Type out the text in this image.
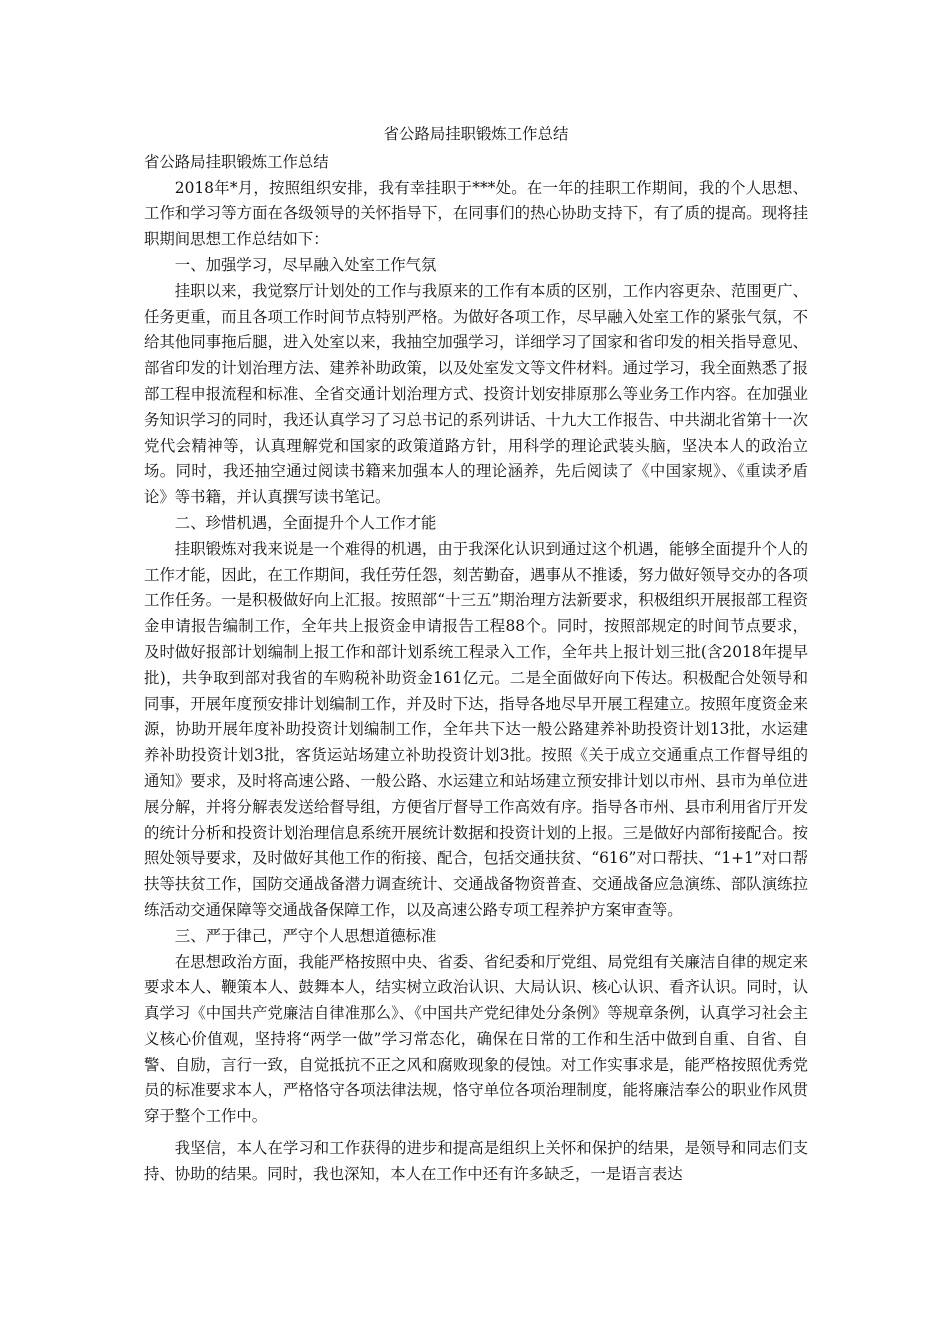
省公路局挂职锻炼工作总结

省公路局挂职锻炼工作总结

2018年*月，按照组织安排，我有幸挂职于***处。在一年的挂职工作期间，我的个人思想、工作和学习等方面在各级领导的关怀指导下，在同事们的热心协助支持下，有了质的提高。现将挂职期间思想工作总结如下：

一、加强学习，尽早融入处室工作气氛

挂职以来，我觉察厅计划处的工作与我原来的工作有本质的区别，工作内容更杂、范围更广、任务更重，而且各项工作时间节点特别严格。为做好各项工作，尽早融入处室工作的紧张气氛，不给其他同事拖后腿，进入处室以来，我抽空加强学习，详细学习了国家和省印发的相关指导意见、部省印发的计划治理方法、建养补助政策，以及处室发文等文件材料。通过学习，我全面熟悉了报部工程申报流程和标准、全省交通计划治理方式、投资计划安排原那么等业务工作内容。在加强业务知识学习的同时，我还认真学习了习总书记的系列讲话、十九大工作报告、中共湖北省第十一次党代会精神等，认真理解党和国家的政策道路方针，用科学的理论武装头脑，坚决本人的政治立场。同时，我还抽空通过阅读书籍来加强本人的理论涵养，先后阅读了《中国家规》、《重读矛盾论》等书籍，并认真撰写读书笔记。

二、珍惜机遇，全面提升个人工作才能

挂职锻炼对我来说是一个难得的机遇，由于我深化认识到通过这个机遇，能够全面提升个人的工作才能，因此，在工作期间，我任劳任怨，刻苦勤奋，遇事从不推诿，努力做好领导交办的各项工作任务。一是积极做好向上汇报。按照部“十三五”期治理方法新要求，积极组织开展报部工程资金申请报告编制工作，全年共上报资金申请报告工程88个。同时，按照部规定的时间节点要求，及时做好报部计划编制上报工作和部计划系统工程录入工作，全年共上报计划三批(含2018年提早批)，共争取到部对我省的车购税补助资金161亿元。二是全面做好向下传达。积极配合处领导和同事，开展年度预安排计划编制工作，并及时下达，指导各地尽早开展工程建立。按照年度资金来源，协助开展年度补助投资计划编制工作，全年共下达一般公路建养补助投资计划13批，水运建养补助投资计划3批，客货运站场建立补助投资计划3批。按照《关于成立交通重点工作督导组的通知》要求，及时将高速公路、一般公路、水运建立和站场建立预安排计划以市州、县市为单位进展分解，并将分解表发送给督导组，方便省厅督导工作高效有序。指导各市州、县市利用省厅开发的统计分析和投资计划治理信息系统开展统计数据和投资计划的上报。三是做好内部衔接配合。按照处领导要求，及时做好其他工作的衔接、配合，包括交通扶贫、“616”对口帮扶、“1+1”对口帮扶等扶贫工作，国防交通战备潜力调查统计、交通战备物资普查、交通战备应急演练、部队演练拉练活动交通保障等交通战备保障工作，以及高速公路专项工程养护方案审查等。

三、严于律己，严守个人思想道德标准

在思想政治方面，我能严格按照中央、省委、省纪委和厅党组、局党组有关廉洁自律的规定来要求本人、鞭策本人、鼓舞本人，结实树立政治认识、大局认识、核心认识、看齐认识。同时，认真学习《中国共产党廉洁自律准那么》、《中国共产党纪律处分条例》等规章条例，认真学习社会主义核心价值观，坚持将“两学一做”学习常态化，确保在日常的工作和生活中做到自重、自省、自警、自励，言行一致，自觉抵抗不正之风和腐败现象的侵蚀。对工作实事求是，能严格按照优秀党员的标准要求本人，严格恪守各项法律法规，恪守单位各项治理制度，能将廉洁奉公的职业作风贯穿于整个工作中。

我坚信，本人在学习和工作获得的进步和提高是组织上关怀和保护的结果，是领导和同志们支持、协助的结果。同时，我也深知，本人在工作中还有许多缺乏，一是语言表达
